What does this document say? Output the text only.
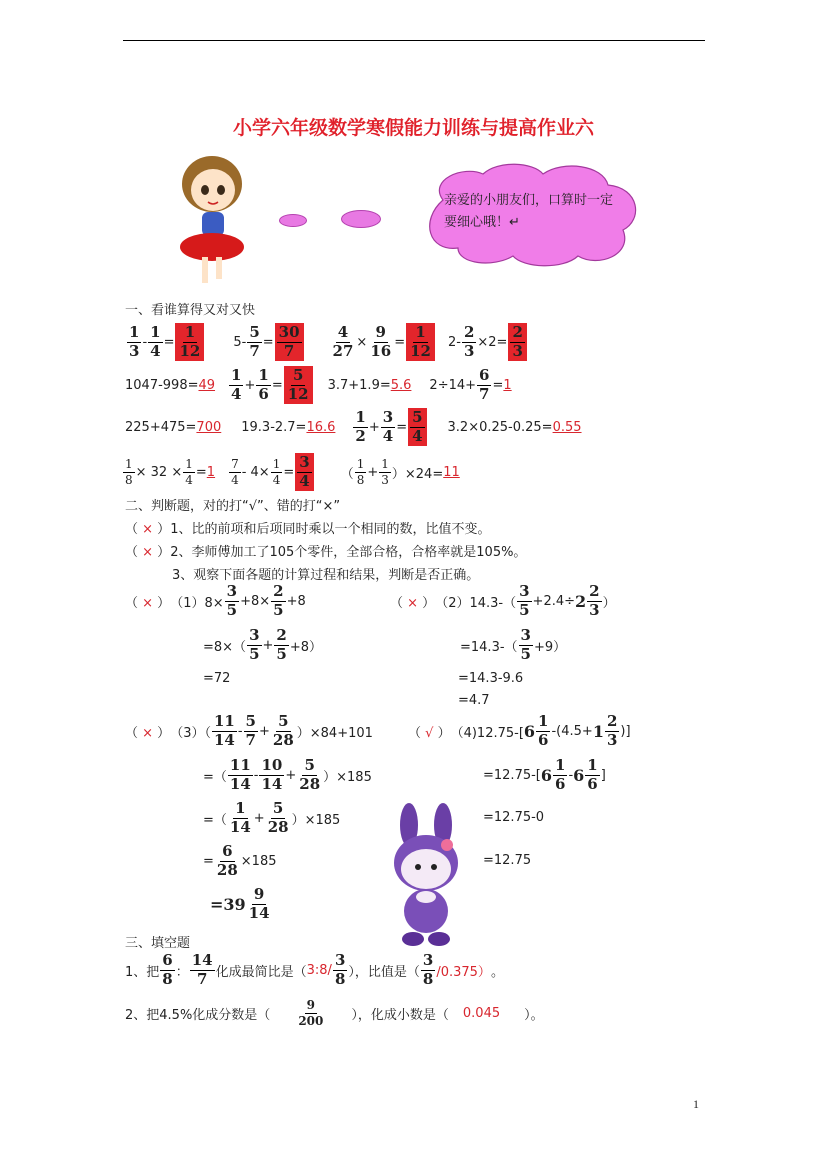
小学六年级数学寒假能力训练与提高作业六
亲爱的小朋友们，口算时一定要细心哦！↵
一、看谁算得又对又快
1
$3 - \frac{1}{4} = \frac{1}{12} 5- \frac{5}{7} = \frac{30}{7} \frac{4}{27} \times \frac{9}{16} = \frac{1}{12} 2- \frac{2}{3} \times 2= \frac{2}{3}$
1047-998= 49
1
$4 + \frac{1}{6} = \frac{5}{12} 3.7+1.9= 5.6$ $2\div 14+ \frac{6}{7} = 1$
225+475= 700 19.3-2.7= 16.6
1
$2 + \frac{3}{4} = \frac{5}{4} 3.2\times 0.25-0.25= 0.55$
$\frac{1}{8} \times 32 \times \frac{1}{4} = 1$
7
$4 - 4\times \frac{1}{4} = \frac{3}{4}$ （
1
$8 + \frac{1}{3} )\times 24= 11$
二、判断题，对的打“√”、错的打“×”
（ × ）1、比的前项和后项同时乘以一个相同的数，比值不变。
（ × ）2、李师傅加工了105个零件，全部合格，合格率就是105%。
3、观察下面各题的计算过程和结果，判断是否正确。
（ × ） $(1)8\times \frac{3}{5} +8\times \frac{2}{5} +8$
=8×（
3
$5 + \frac{2}{5} +8$）
=72
（ × ） （2）14.3-（
3
5 +2.4÷ 2
2
3 ）
=14.3-（
3
5 +9）
=14.3-9.6
=4.7
（ × ） （3）（
11
14 -
5
$7 + \frac{5}{28} )\times 84+101$
=（
11
14 -
10
$14 + \frac{5}{28} )\times 185$
=（
1
$14 + \frac{5}{28} )\times 185$
= $\frac{6}{28} \times 185$
=39
9
14
（ √ ） （4)12.75-[ 6
1
6 -(4.5+ 1
2
3 )]
=12.75-[ 6
1
6 - 6
1
6 ]
=12.75-0
=12.75
三、填空题
1、把
6
8 ：
14
7 化成最简比是（ 3:8/
3
8 ），比值是（
3
8 /0.375） 。
2、把4.5%化成分数是（
9
200 ），化成小数是（ 0.045 ）。
1
